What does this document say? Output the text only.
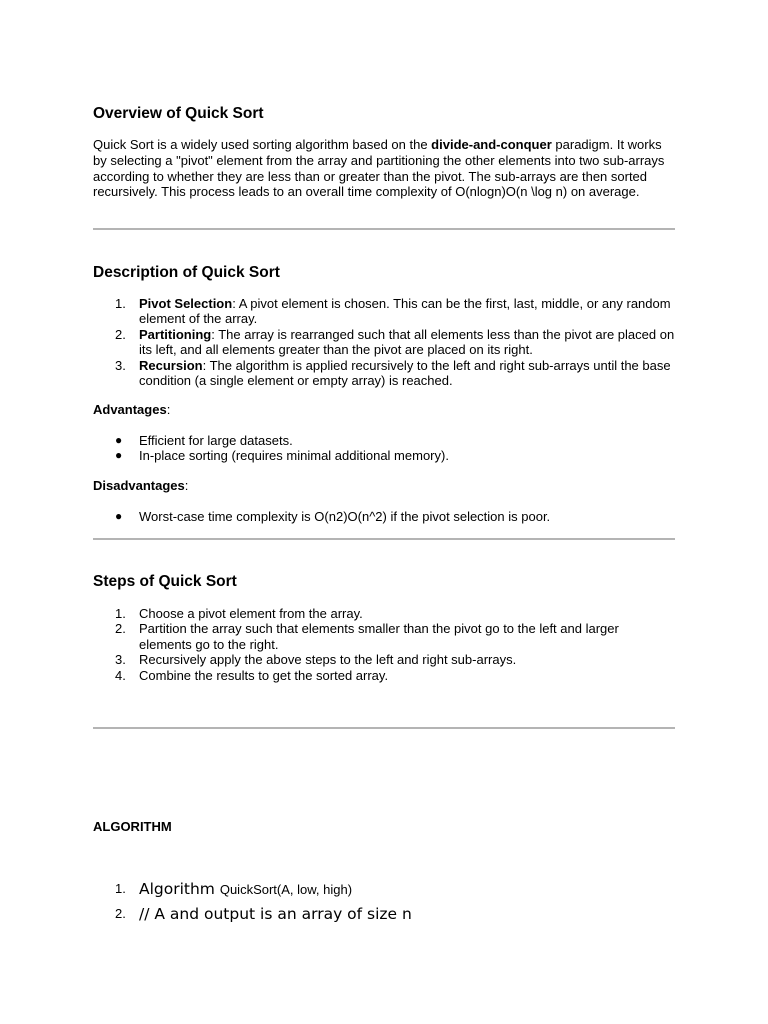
Overview of Quick Sort

Quick Sort is a widely used sorting algorithm based on the divide-and-conquer paradigm. It works by selecting a "pivot" element from the array and partitioning the other elements into two sub-arrays according to whether they are less than or greater than the pivot. The sub-arrays are then sorted recursively. This process leads to an overall time complexity of O(nlogn)O(n \log n) on average.

Description of Quick Sort
1. Pivot Selection: A pivot element is chosen. This can be the first, last, middle, or any random element of the array.
2. Partitioning: The array is rearranged such that all elements less than the pivot are placed on its left, and all elements greater than the pivot are placed on its right.
3. Recursion: The algorithm is applied recursively to the left and right sub-arrays until the base condition (a single element or empty array) is reached.
Advantages:
● Efficient for large datasets.
● In-place sorting (requires minimal additional memory).
Disadvantages:
● Worst-case time complexity is O(n2)O(n^2) if the pivot selection is poor.
Steps of Quick Sort
1. Choose a pivot element from the array.
2. Partition the array such that elements smaller than the pivot go to the left and larger elements go to the right.
3. Recursively apply the above steps to the left and right sub-arrays.
4. Combine the results to get the sorted array.
ALGORITHM
1. Algorithm QuickSort(A, low, high)
2. // A and output is an array of size n
